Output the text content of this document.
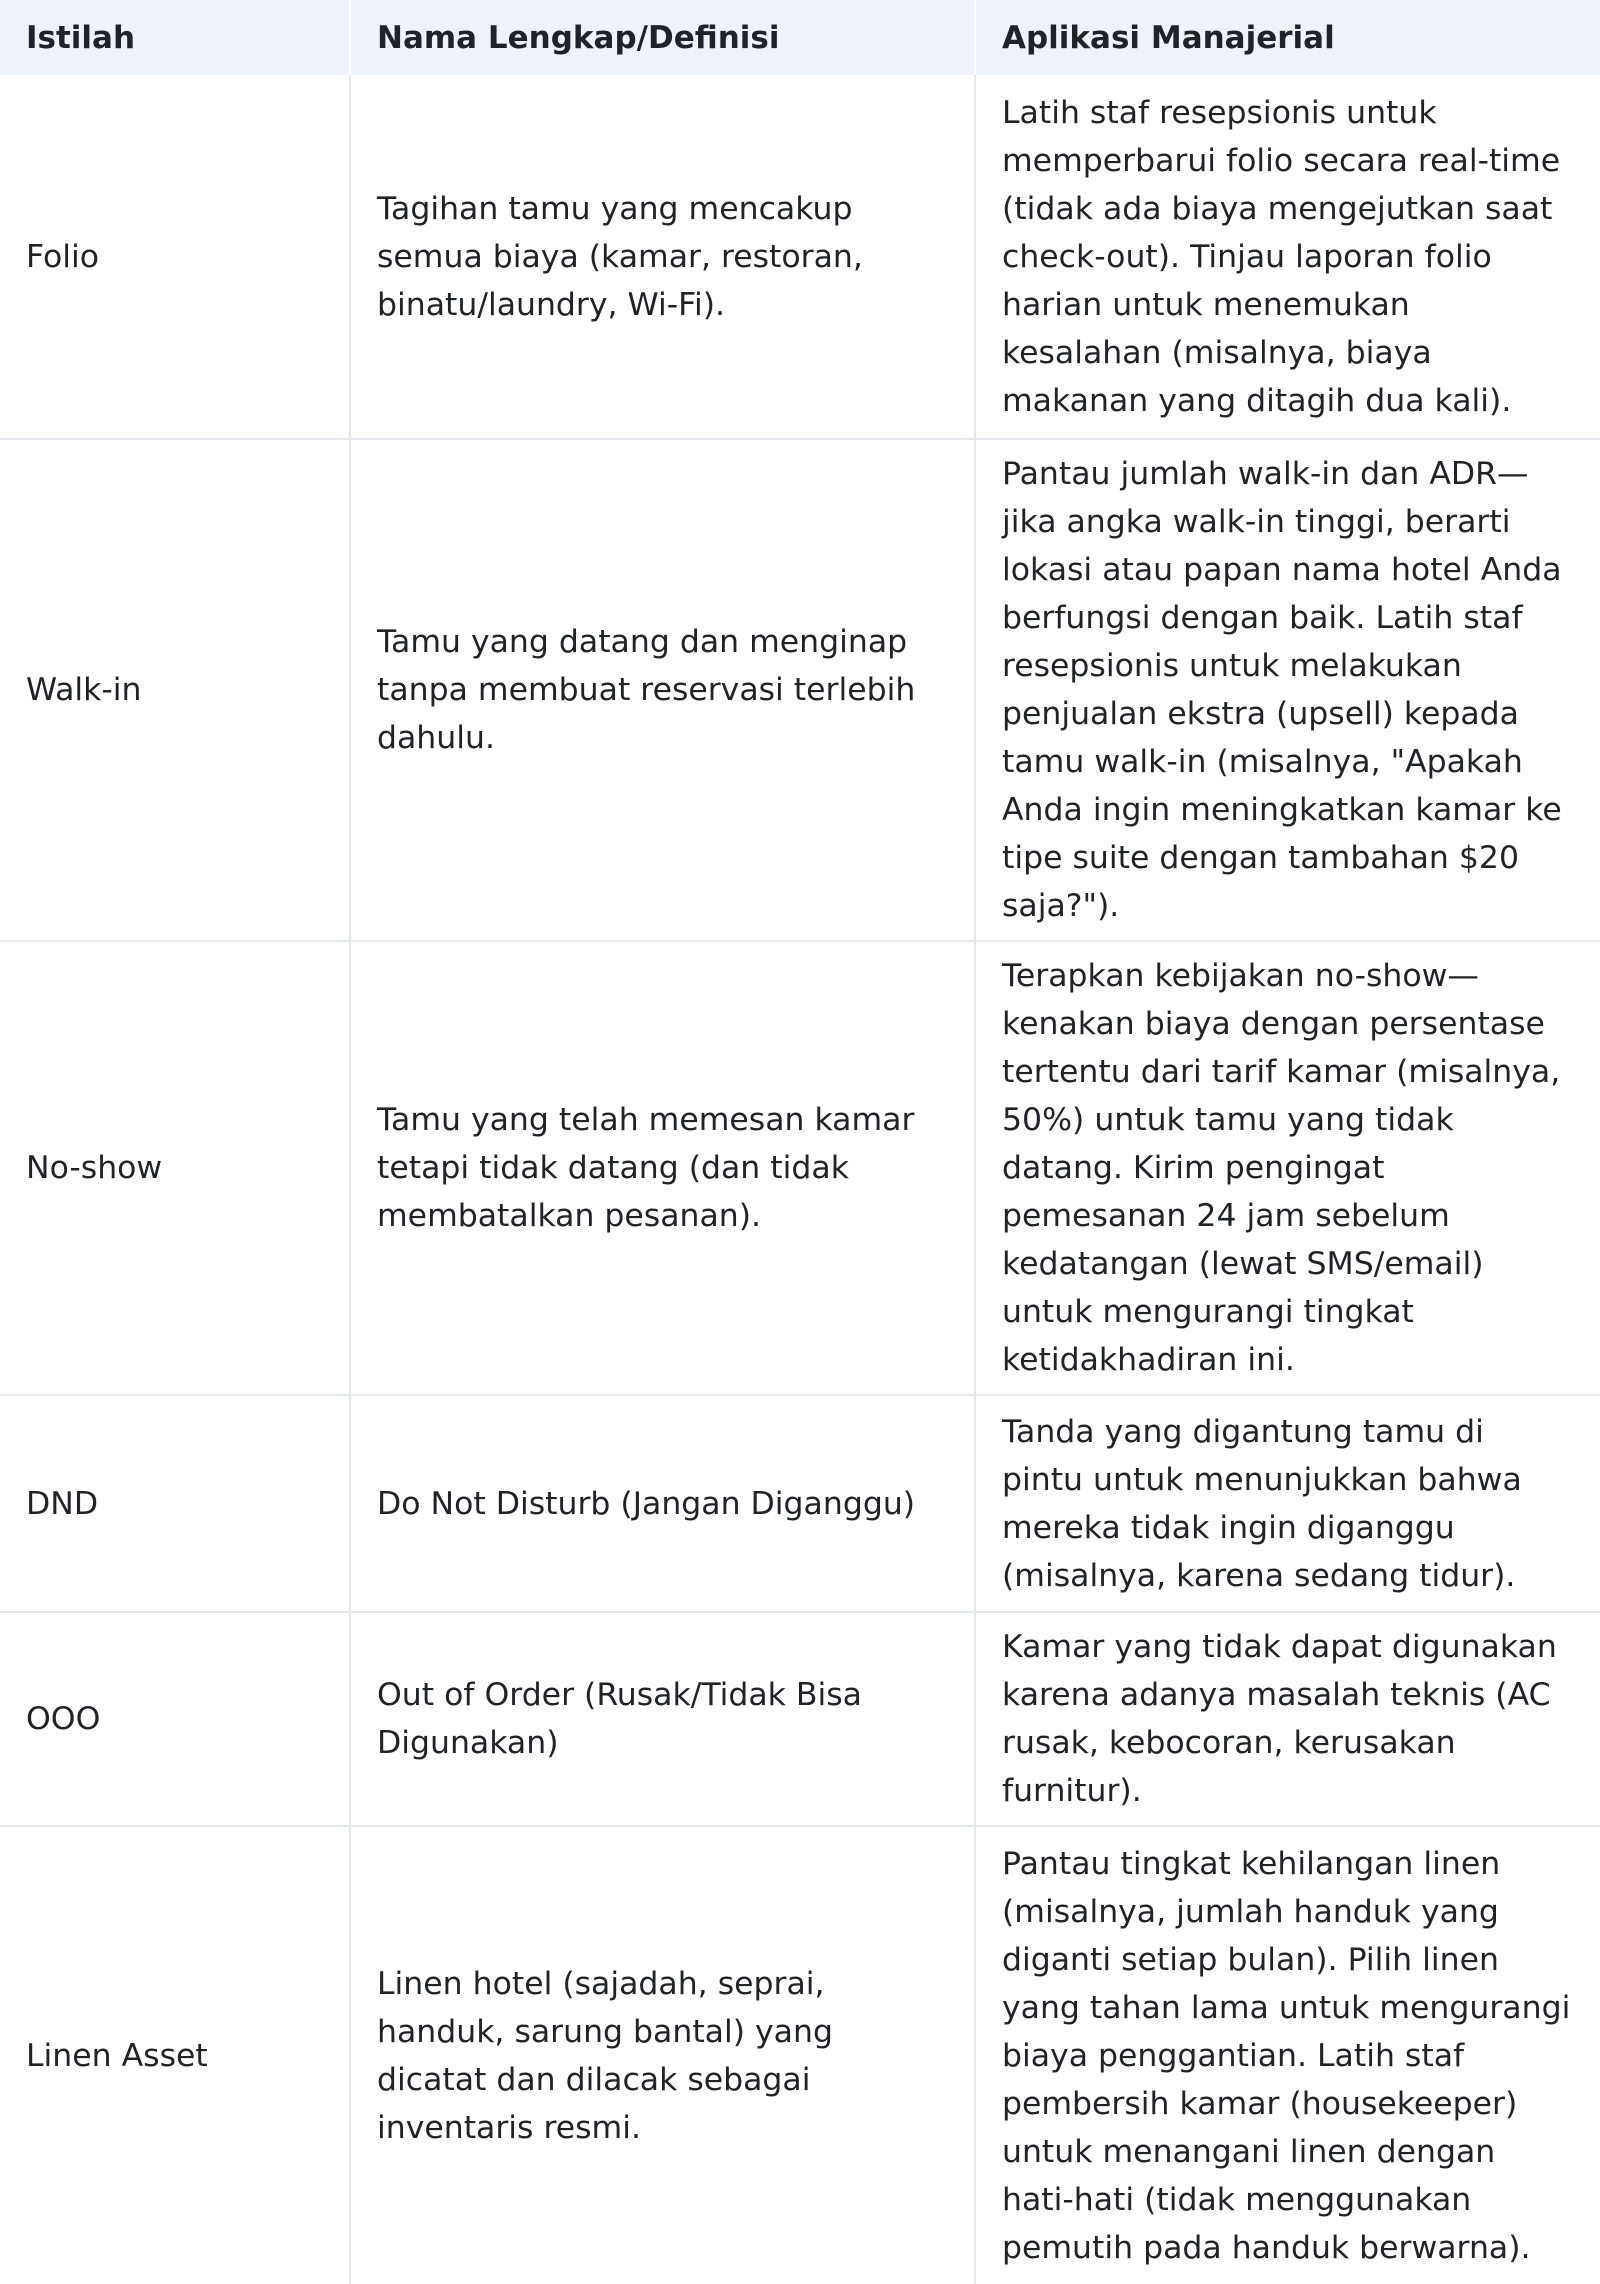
Istilah	Nama Lengkap/Definisi	Aplikasi Manajerial
Folio	Tagihan tamu yang mencakup semua biaya (kamar, restoran, binatu/laundry, Wi-Fi).	Latih staf resepsionis untuk memperbarui folio secara real-time (tidak ada biaya mengejutkan saat check-out). Tinjau laporan folio harian untuk menemukan kesalahan (misalnya, biaya makanan yang ditagih dua kali).
Walk-in	Tamu yang datang dan menginap tanpa membuat reservasi terlebih dahulu.	Pantau jumlah walk-in dan ADR—jika angka walk-in tinggi, berarti lokasi atau papan nama hotel Anda berfungsi dengan baik. Latih staf resepsionis untuk melakukan penjualan ekstra (upsell) kepada tamu walk-in (misalnya, "Apakah Anda ingin meningkatkan kamar ke tipe suite dengan tambahan $20 saja?").
No-show	Tamu yang telah memesan kamar tetapi tidak datang (dan tidak membatalkan pesanan).	Terapkan kebijakan no-show—kenakan biaya dengan persentase tertentu dari tarif kamar (misalnya, 50%) untuk tamu yang tidak datang. Kirim pengingat pemesanan 24 jam sebelum kedatangan (lewat SMS/email) untuk mengurangi tingkat ketidakhadiran ini.
DND	Do Not Disturb (Jangan Diganggu)	Tanda yang digantung tamu di pintu untuk menunjukkan bahwa mereka tidak ingin diganggu (misalnya, karena sedang tidur).
OOO	Out of Order (Rusak/Tidak Bisa Digunakan)	Kamar yang tidak dapat digunakan karena adanya masalah teknis (AC rusak, kebocoran, kerusakan furnitur).
Linen Asset	Linen hotel (sajadah, seprai, handuk, sarung bantal) yang dicatat dan dilacak sebagai inventaris resmi.	Pantau tingkat kehilangan linen (misalnya, jumlah handuk yang diganti setiap bulan). Pilih linen yang tahan lama untuk mengurangi biaya penggantian. Latih staf pembersih kamar (housekeeper) untuk menangani linen dengan hati-hati (tidak menggunakan pemutih pada handuk berwarna).
